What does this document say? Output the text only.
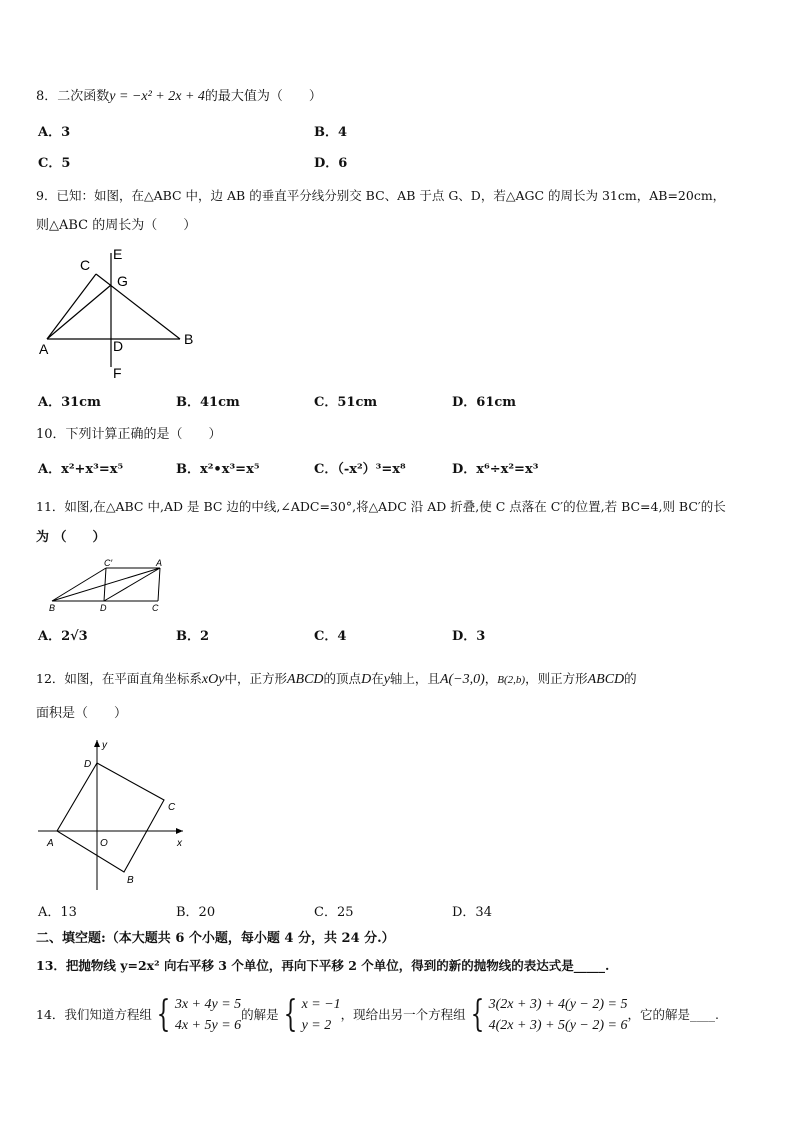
8．二次函数y = −x² + 2x + 4的最大值为（　　）
A．3	B．4
C．5	D．6
9．已知：如图，在△ABC 中，边 AB 的垂直平分线分别交 BC、AB 于点 G、D，若△AGC 的周长为 31cm，AB=20cm，
则△ABC 的周长为（　　）
C
E
G
A	D	B
F
A．31cm	B．41cm	C．51cm	D．61cm
10．下列计算正确的是（　　）
A．x²+x³=x⁵	B．x²•x³=x⁵	C．（-x²）³=x⁸	D．x⁶÷x²=x³
11．如图,在△ABC 中,AD 是 BC 边的中线,∠ADC=30°,将△ADC 沿 AD 折叠,使 C 点落在 C′的位置,若 BC=4,则 BC′的长
为 （　　）
C′	A
B	D	C
A．2√3	B．2	C．4	D．3
12．如图，在平面直角坐标系xOy中，正方形ABCD的顶点D在y轴上，且A(−3,0)，B(2,b)，则正方形ABCD的
面积是（　　）
y
D
C
A	O	x
B
A．13	B．20	C．25	D．34
二、填空题:（本大题共 6 个小题，每小题 4 分，共 24 分.）
13．把抛物线 y=2x² 向右平移 3 个单位，再向下平移 2 个单位，得到的新的抛物线的表达式是_____.
14．我们知道方程组 { 3x + 4y = 5
4x + 5y = 6
的解是 { x = −1
y = 2
，现给出另一个方程组 { 3(2x + 3) + 4(y − 2) = 5
4(2x + 3) + 5(y − 2) = 6
，它的解是____.
